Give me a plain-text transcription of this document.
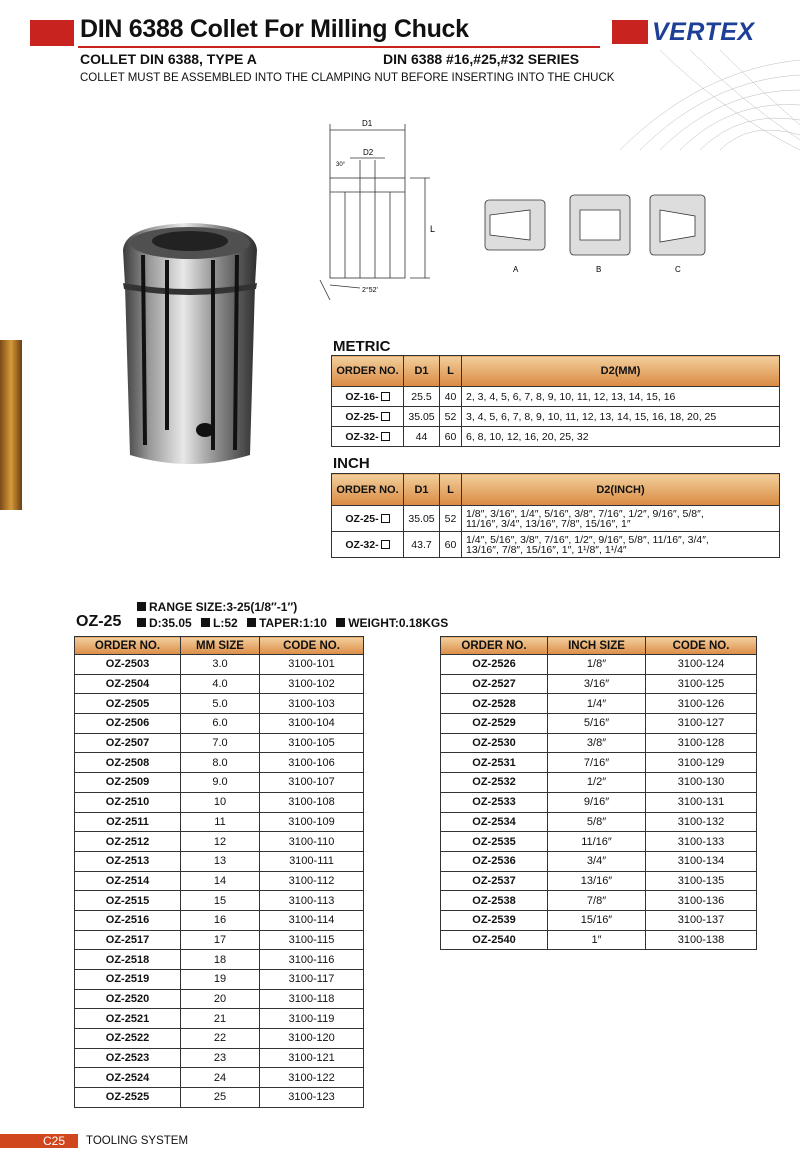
DIN 6388 Collet For Milling Chuck	VERTEX
COLLET DIN 6388, TYPE A	DIN 6388 #16,#25,#32 SERIES
COLLET MUST BE ASSEMBLED INTO THE CLAMPING NUT BEFORE INSERTING INTO THE CHUCK
D1
D2
L
30°
2°52'
A	B	C
METRIC
ORDER NO.	D1	L	D2(MM)
OZ-16-	25.5	40	2, 3, 4, 5, 6, 7, 8, 9, 10, 11, 12, 13, 14, 15, 16
OZ-25-	35.05	52	3, 4, 5, 6, 7, 8, 9, 10, 11, 12, 13, 14, 15, 16, 18, 20, 25
OZ-32-	44	60	6, 8, 10, 12, 16, 20, 25, 32
INCH
ORDER NO.	D1	L	D2(INCH)
OZ-25-	35.05	52	1/8″, 3/16″, 1/4″, 5/16″, 3/8″, 7/16″, 1/2″, 9/16″, 5/8″,
11/16″, 3/4″, 13/16″, 7/8″, 15/16″, 1″

OZ-32-	43.7	60	1/4″, 5/16″, 3/8″, 7/16″, 1/2″, 9/16″, 5/8″, 11/16″, 3/4″,
13/16″, 7/8″, 15/16″, 1″, 1¹/8″, 1¹/4″
RANGE SIZE:3-25(1/8″-1″)
OZ-25	D:35.05 L:52 TAPER:1:10 WEIGHT:0.18KGS
ORDER NO.	MM SIZE	CODE NO.
OZ-2503	3.0	3100-101
OZ-2504	4.0	3100-102
OZ-2505	5.0	3100-103
OZ-2506	6.0	3100-104
OZ-2507	7.0	3100-105
OZ-2508	8.0	3100-106
OZ-2509	9.0	3100-107
OZ-2510	10	3100-108
OZ-2511	11	3100-109
OZ-2512	12	3100-110
OZ-2513	13	3100-111
OZ-2514	14	3100-112
OZ-2515	15	3100-113
OZ-2516	16	3100-114
OZ-2517	17	3100-115
OZ-2518	18	3100-116
OZ-2519	19	3100-117
OZ-2520	20	3100-118
OZ-2521	21	3100-119
OZ-2522	22	3100-120
OZ-2523	23	3100-121
OZ-2524	24	3100-122
OZ-2525	25	3100-123
ORDER NO.	INCH SIZE	CODE NO.
OZ-2526	1/8″	3100-124
OZ-2527	3/16″	3100-125
OZ-2528	1/4″	3100-126
OZ-2529	5/16″	3100-127
OZ-2530	3/8″	3100-128
OZ-2531	7/16″	3100-129
OZ-2532	1/2″	3100-130
OZ-2533	9/16″	3100-131
OZ-2534	5/8″	3100-132
OZ-2535	11/16″	3100-133
OZ-2536	3/4″	3100-134
OZ-2537	13/16″	3100-135
OZ-2538	7/8″	3100-136
OZ-2539	15/16″	3100-137
OZ-2540	1″	3100-138
C25	TOOLING SYSTEM
